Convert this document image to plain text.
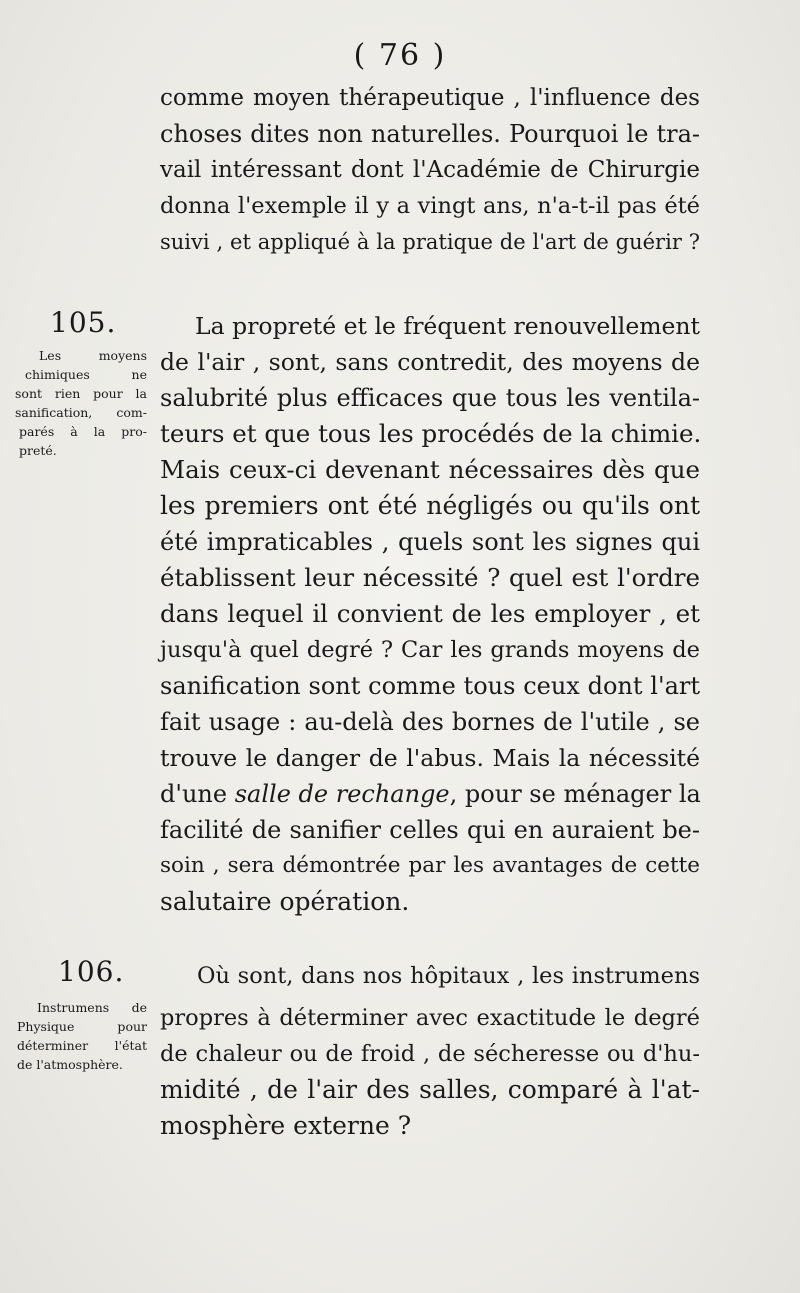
( 76 )
comme moyen thérapeutique , l'influence des
choses dites non naturelles. Pourquoi le tra-
vail intéressant dont l'Académie de Chirurgie
donna l'exemple il y a vingt ans, n'a-t-il pas été
suivi , et appliqué à la pratique de l'art de guérir ?
105.
Les moyens
chimiques ne
sont rien pour la
sanification, com-
parés à la pro-
preté.
La propreté et le fréquent renouvellement
de l'air , sont, sans contredit, des moyens de
salubrité plus efficaces que tous les ventila-
teurs et que tous les procédés de la chimie.
Mais ceux-ci devenant nécessaires dès que
les premiers ont été négligés ou qu'ils ont
été impraticables , quels sont les signes qui
établissent leur nécessité ? quel est l'ordre
dans lequel il convient de les employer , et
jusqu'à quel degré ? Car les grands moyens de
sanification sont comme tous ceux dont l'art
fait usage : au-delà des bornes de l'utile , se
trouve le danger de l'abus. Mais la nécessité
d'une salle de rechange, pour se ménager la
facilité de sanifier celles qui en auraient be-
soin , sera démontrée par les avantages de cette
salutaire opération.
106.
Instrumens de
Physique pour
déterminer l'état
de l'atmosphère.
Où sont, dans nos hôpitaux , les instrumens
propres à déterminer avec exactitude le degré
de chaleur ou de froid , de sécheresse ou d'hu-
midité , de l'air des salles, comparé à l'at-
mosphère externe ?
